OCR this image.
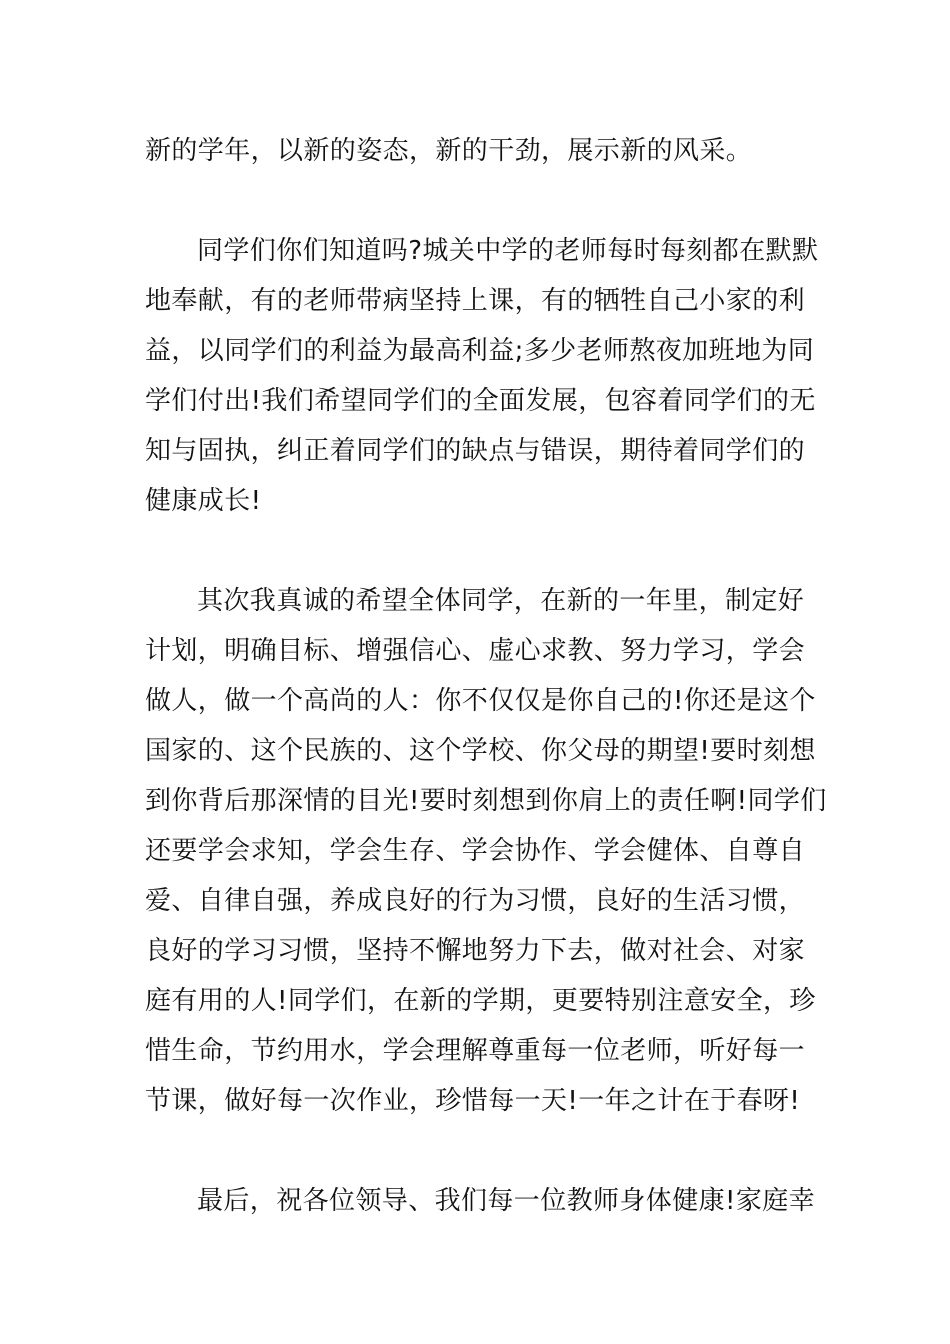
新的学年，以新的姿态，新的干劲，展示新的风采。
同学们你们知道吗?城关中学的老师每时每刻都在默默
地奉献，有的老师带病坚持上课，有的牺牲自己小家的利
益，以同学们的利益为最高利益;多少老师熬夜加班地为同
学们付出!我们希望同学们的全面发展，包容着同学们的无
知与固执，纠正着同学们的缺点与错误，期待着同学们的
健康成长!
其次我真诚的希望全体同学，在新的一年里，制定好
计划，明确目标、增强信心、虚心求教、努力学习，学会
做人，做一个高尚的人：你不仅仅是你自己的!你还是这个
国家的、这个民族的、这个学校、你父母的期望!要时刻想
到你背后那深情的目光!要时刻想到你肩上的责任啊!同学们
还要学会求知，学会生存、学会协作、学会健体、自尊自
爱、自律自强，养成良好的行为习惯，良好的生活习惯，
良好的学习习惯，坚持不懈地努力下去，做对社会、对家
庭有用的人!同学们，在新的学期，更要特别注意安全，珍
惜生命，节约用水，学会理解尊重每一位老师，听好每一
节课，做好每一次作业，珍惜每一天!一年之计在于春呀!
最后，祝各位领导、我们每一位教师身体健康!家庭幸
